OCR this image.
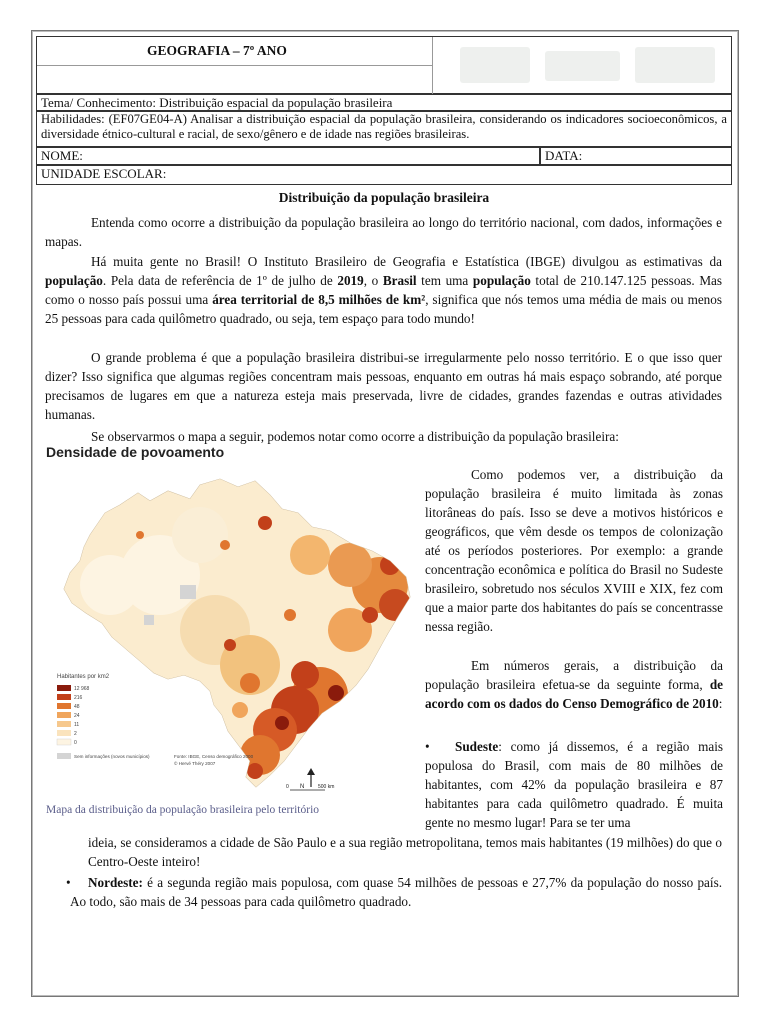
GEOGRAFIA – 7º ANO
Tema/ Conhecimento: Distribuição espacial da população brasileira
Habilidades: (EF07GE04-A) Analisar a distribuição espacial da população brasileira, considerando os indicadores socioeconômicos, a diversidade étnico-cultural e racial, de sexo/gênero e de idade nas regiões brasileiras.
NOME:	DATA:
UNIDADE ESCOLAR:
Distribuição da população brasileira

Entenda como ocorre a distribuição da população brasileira ao longo do território nacional, com dados, informações e mapas.

Há muita gente no Brasil! O Instituto Brasileiro de Geografia e Estatística (IBGE) divulgou as estimativas da população. Pela data de referência de 1º de julho de 2019, o Brasil tem uma população total de 210.147.125 pessoas. Mas como o nosso país possui uma área territorial de 8,5 milhões de km², significa que nós temos uma média de mais ou menos 25 pessoas para cada quilômetro quadrado, ou seja, tem espaço para todo mundo!

O grande problema é que a população brasileira distribui-se irregularmente pelo nosso território. E o que isso quer dizer? Isso significa que algumas regiões concentram mais pessoas, enquanto em outras há mais espaço sobrando, até porque precisamos de lugares em que a natureza esteja mais preservada, livre de cidades, grandes fazendas e outras atividades humanas.

Se observarmos o mapa a seguir, podemos notar como ocorre a distribuição da população brasileira:

Densidade de povoamento
Habitantes por km2
12 968
216
48
24
11
2
0
Sem informações (novos municípios)	Fonte: IBGE, Censo demográfico 2000
© Hervé Théry 2007
N
0	500 km
Mapa da distribuição da população brasileira pelo território

Como podemos ver, a distribuição da população brasileira é muito limitada às zonas litorâneas do país. Isso se deve a motivos históricos e geográficos, que vêm desde os tempos de colonização até os períodos posteriores. Por exemplo: a grande concentração econômica e política do Brasil no Sudeste brasileiro, sobretudo nos séculos XVIII e XIX, fez com que a maior parte dos habitantes do país se concentrasse nessa região.

Em números gerais, a distribuição da população brasileira efetua-se da seguinte forma, de acordo com os dados do Censo Demográfico de 2010:

• Sudeste: como já dissemos, é a região mais populosa do Brasil, com mais de 80 milhões de habitantes, com 42% da população brasileira e 87 habitantes para cada quilômetro quadrado. É muita gente no mesmo lugar! Para se ter uma

ideia, se consideramos a cidade de São Paulo e a sua região metropolitana, temos mais habitantes (19 milhões) do que o Centro-Oeste inteiro!

• Nordeste: é a segunda região mais populosa, com quase 54 milhões de pessoas e 27,7% da população do nosso país. Ao todo, são mais de 34 pessoas para cada quilômetro quadrado.
